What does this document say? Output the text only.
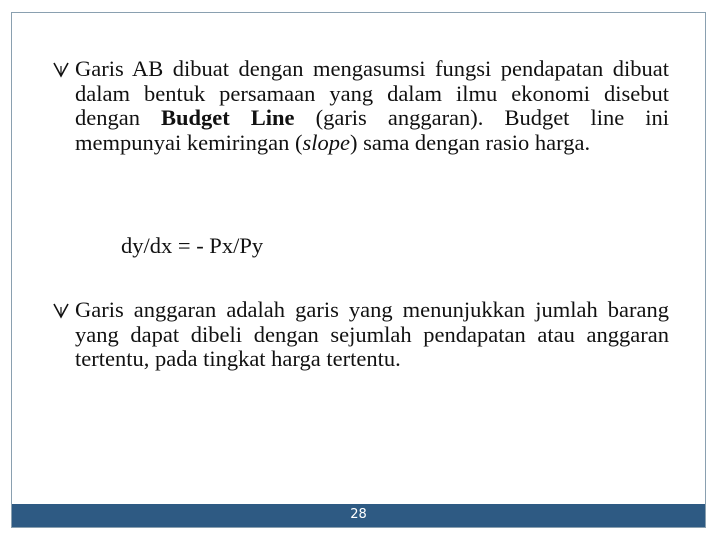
Garis AB dibuat dengan mengasumsi fungsi pendapatan dibuat dalam bentuk persamaan yang dalam ilmu ekonomi disebut dengan Budget Line (garis anggaran). Budget line ini mempunyai kemiringan (slope) sama dengan rasio harga.
dy/dx = - Px/Py
Garis anggaran adalah garis yang menunjukkan jumlah barang yang dapat dibeli dengan sejumlah pendapatan atau anggaran tertentu, pada tingkat harga tertentu.
28
